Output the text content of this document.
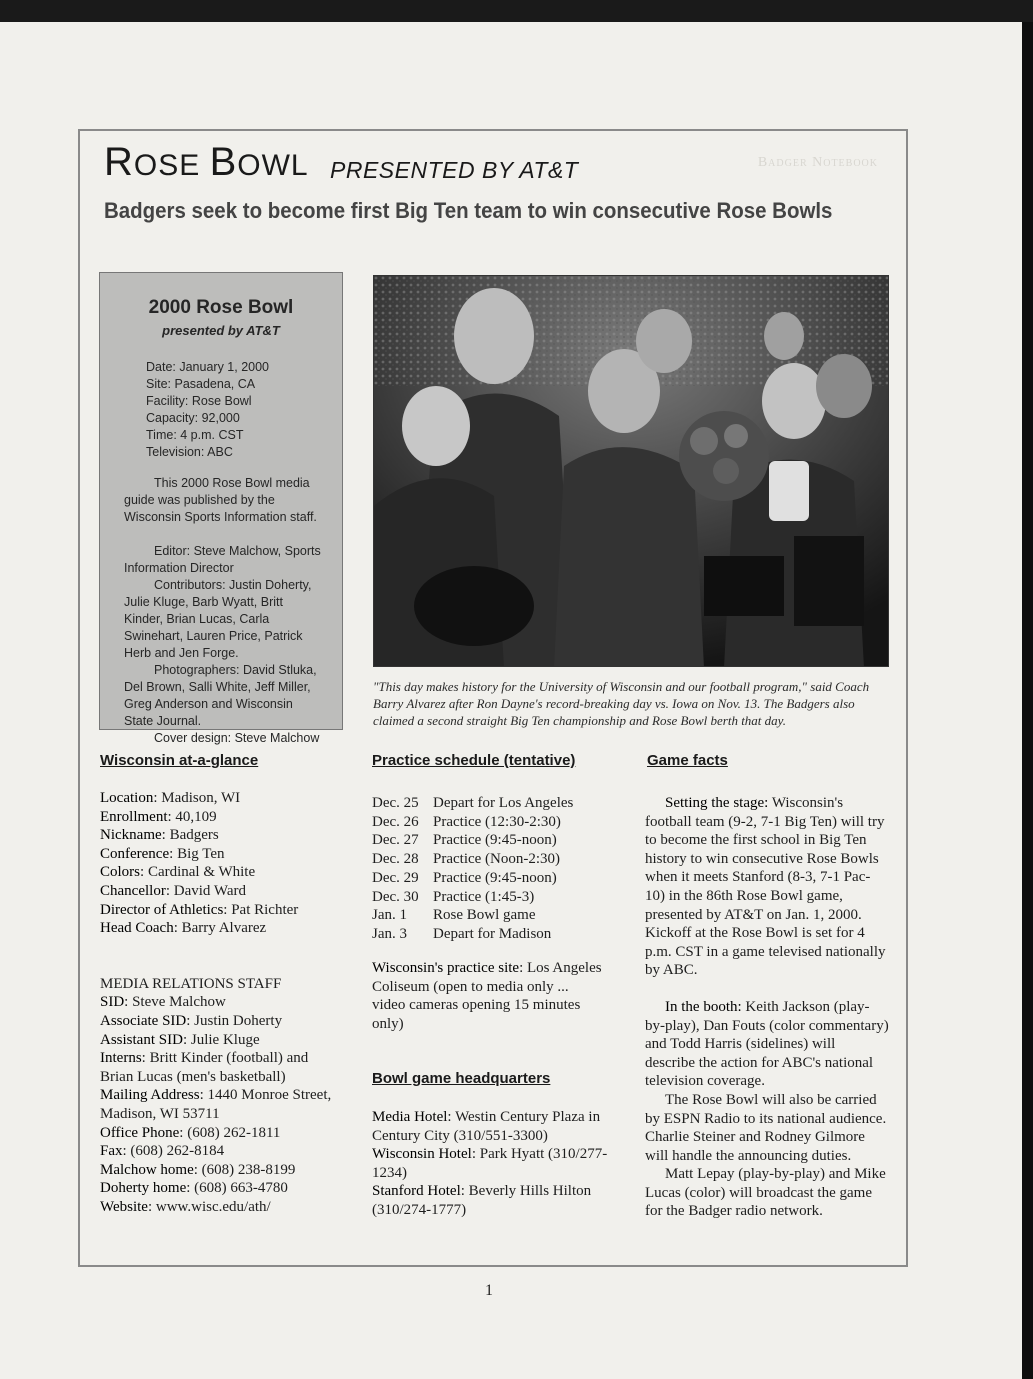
Badger Notebook
ROSE BOWL PRESENTED BY AT&T
Badgers seek to become first Big Ten team to win consecutive Rose Bowls
2000 Rose Bowl
presented by AT&T
Date: January 1, 2000
Site: Pasadena, CA
Facility: Rose Bowl
Capacity: 92,000
Time: 4 p.m. CST
Television: ABC
This 2000 Rose Bowl media guide was published by the Wisconsin Sports Information staff.
Editor: Steve Malchow, Sports Information Director
Contributors: Justin Doherty, Julie Kluge, Barb Wyatt, Britt Kinder, Brian Lucas, Carla Swinehart, Lauren Price, Patrick Herb and Jen Forge.
Photographers: David Stluka, Del Brown, Salli White, Jeff Miller, Greg Anderson and Wisconsin State Journal.
Cover design: Steve Malchow
"This day makes history for the University of Wisconsin and our football program," said Coach Barry Alvarez after Ron Dayne's record-breaking day vs. Iowa on Nov. 13. The Badgers also claimed a second straight Big Ten championship and Rose Bowl berth that day.
Wisconsin at-a-glance
Location: Madison, WI
Enrollment: 40,109
Nickname: Badgers
Conference: Big Ten
Colors: Cardinal & White
Chancellor: David Ward
Director of Athletics: Pat Richter
Head Coach: Barry Alvarez
MEDIA RELATIONS STAFF
SID: Steve Malchow
Associate SID: Justin Doherty
Assistant SID: Julie Kluge
Interns: Britt Kinder (football) and Brian Lucas (men's basketball)
Mailing Address: 1440 Monroe Street, Madison, WI 53711
Office Phone: (608) 262-1811
Fax: (608) 262-8184
Malchow home: (608) 238-8199
Doherty home: (608) 663-4780
Website: www.wisc.edu/ath/
Practice schedule (tentative)
Dec. 25 Depart for Los Angeles
Dec. 26 Practice (12:30-2:30)
Dec. 27 Practice (9:45-noon)
Dec. 28 Practice (Noon-2:30)
Dec. 29 Practice (9:45-noon)
Dec. 30 Practice (1:45-3)
Jan. 1	Rose Bowl game
Jan. 3	Depart for Madison
Wisconsin's practice site: Los Angeles Coliseum (open to media only ... video cameras opening 15 minutes only)
Bowl game headquarters
Media Hotel: Westin Century Plaza in Century City (310/551-3300)
Wisconsin Hotel: Park Hyatt (310/277-1234)
Stanford Hotel: Beverly Hills Hilton (310/274-1777)
Game facts
Setting the stage: Wisconsin's football team (9-2, 7-1 Big Ten) will try to become the first school in Big Ten history to win consecutive Rose Bowls when it meets Stanford (8-3, 7-1 Pac-10) in the 86th Rose Bowl game, presented by AT&T on Jan. 1, 2000. Kickoff at the Rose Bowl is set for 4 p.m. CST in a game televised nationally by ABC.
In the booth: Keith Jackson (play-by-play), Dan Fouts (color commentary) and Todd Harris (sidelines) will describe the action for ABC's national television coverage.
The Rose Bowl will also be carried by ESPN Radio to its national audience. Charlie Steiner and Rodney Gilmore will handle the announcing duties.
Matt Lepay (play-by-play) and Mike Lucas (color) will broadcast the game for the Badger radio network.
1
